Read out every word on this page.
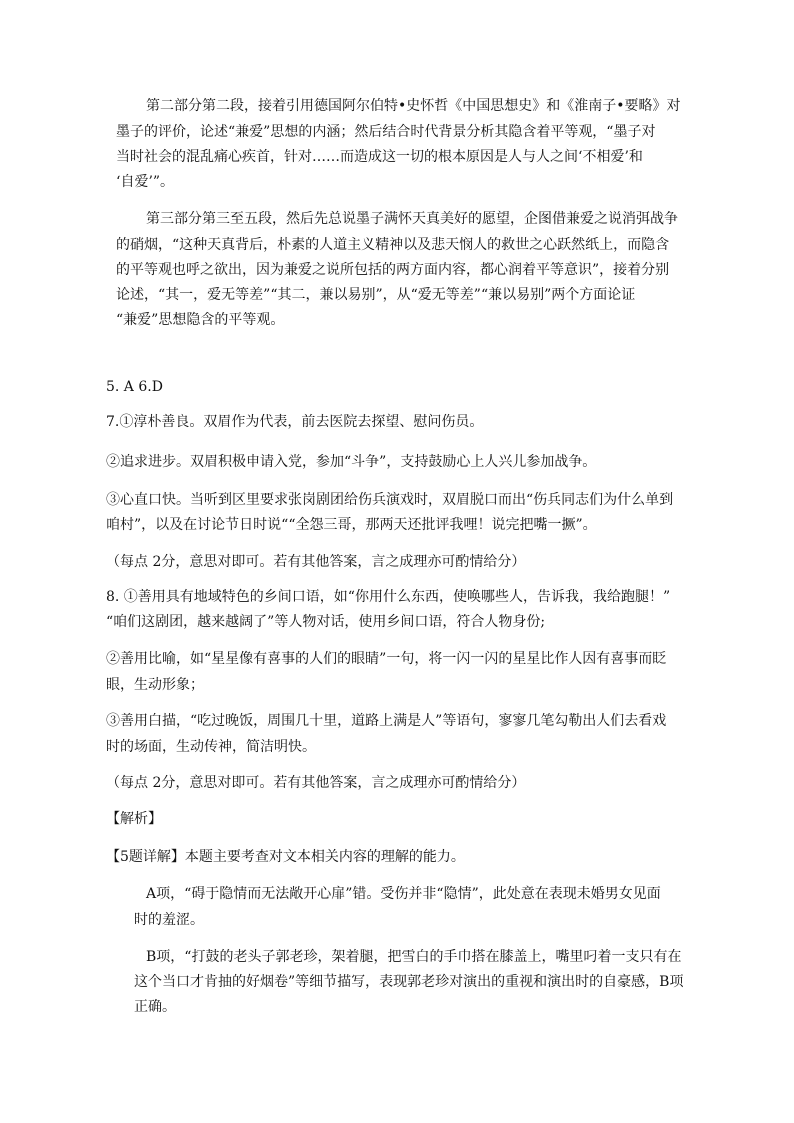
第二部分第二段，接着引用德国阿尔伯特•史怀哲《中国思想史》和《淮南子•要略》对

墨子的评价，论述“兼爱”思想的内涵；然后结合时代背景分析其隐含着平等观，“墨子对

当时社会的混乱痛心疾首，针对……而造成这一切的根本原因是人与人之间‘不相爱’和

‘自爱’”。

第三部分第三至五段，然后先总说墨子满怀天真美好的愿望，企图借兼爱之说消弭战争

的硝烟，“这种天真背后，朴素的人道主义精神以及悲天悯人的救世之心跃然纸上，而隐含

的平等观也呼之欲出，因为兼爱之说所包括的两方面内容，都心润着平等意识”，接着分别

论述，“其一，爱无等差”“其二，兼以易别”，从“爱无等差”“兼以易别”两个方面论证

“兼爱”思想隐含的平等观。

5. A 6.D

7.①淳朴善良。双眉作为代表，前去医院去探望、慰问伤员。

②追求进步。双眉积极申请入党，参加“斗争”，支持鼓励心上人兴儿参加战争。

③心直口快。当听到区里要求张岗剧团给伤兵演戏时，双眉脱口而出“伤兵同志们为什么单到

咱村”，以及在讨论节日时说““全怨三哥，那两天还批评我哩！说完把嘴一撅”。

（每点 2分，意思对即可。若有其他答案，言之成理亦可酌情给分）

8. ①善用具有地域特色的乡间口语，如“你用什么东西，使唤哪些人，告诉我，我给跑腿！”

“咱们这剧团，越来越阔了”等人物对话，使用乡间口语，符合人物身份;

②善用比喻，如“星星像有喜事的人们的眼睛”一句，将一闪一闪的星星比作人因有喜事而眨

眼，生动形象；

③善用白描，“吃过晚饭，周围几十里，道路上满是人”等语句，寥寥几笔勾勒出人们去看戏

时的场面，生动传神，简洁明快。

（每点 2分，意思对即可。若有其他答案，言之成理亦可酌情给分）

【解析】

【5题详解】本题主要考查对文本相关内容的理解的能力。

A项，“碍于隐情而无法敞开心扉”错。受伤并非“隐情”，此处意在表现未婚男女见面

时的羞涩。

B项，“打鼓的老头子郭老珍，架着腿，把雪白的手巾搭在膝盖上，嘴里叼着一支只有在

这个当口才肯抽的好烟卷”等细节描写，表现郭老珍对演出的重视和演出时的自豪感，B项

正确。
